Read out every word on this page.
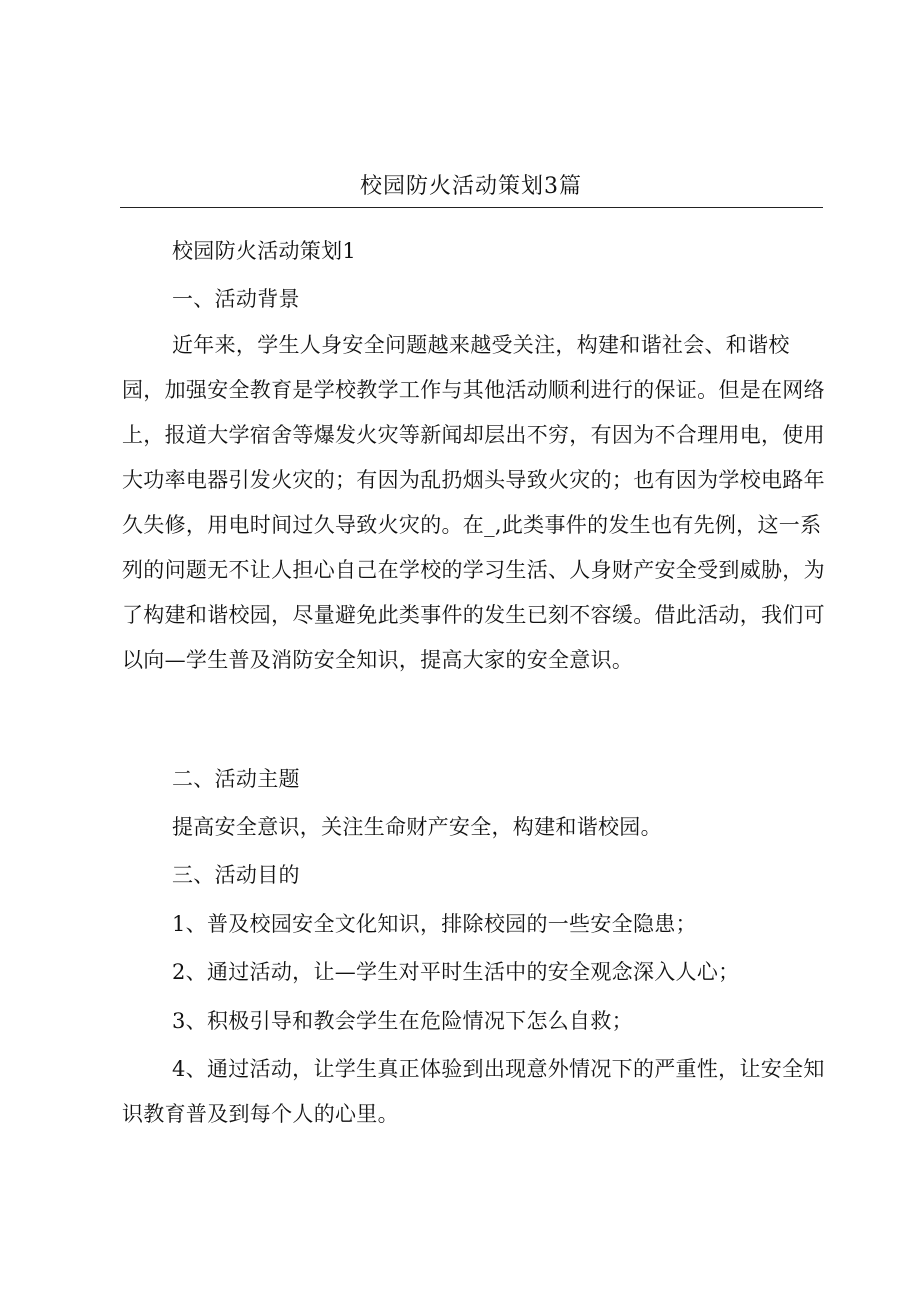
校园防火活动策划3篇
校园防火活动策划1
一、活动背景

近年来，学生人身安全问题越来越受关注，构建和谐社会、和谐校园，加强安全教育是学校教学工作与其他活动顺利进行的保证。但是在网络上，报道大学宿舍等爆发火灾等新闻却层出不穷，有因为不合理用电，使用大功率电器引发火灾的；有因为乱扔烟头导致火灾的；也有因为学校电路年久失修，用电时间过久导致火灾的。在_,此类事件的发生也有先例，这一系列的问题无不让人担心自己在学校的学习生活、人身财产安全受到威胁，为了构建和谐校园，尽量避免此类事件的发生已刻不容缓。借此活动，我们可以向—学生普及消防安全知识，提高大家的安全意识。

二、活动主题
提高安全意识，关注生命财产安全，构建和谐校园。
三、活动目的
1、普及校园安全文化知识，排除校园的一些安全隐患；
2、通过活动，让—学生对平时生活中的安全观念深入人心；
3、积极引导和教会学生在危险情况下怎么自救；

4、通过活动，让学生真正体验到出现意外情况下的严重性，让安全知识教育普及到每个人的心里。
